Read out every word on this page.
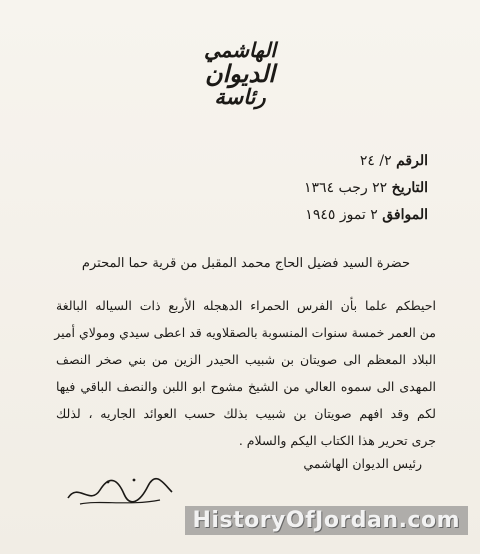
الهاشمي
الديوان
رئاسة
الرقم ٢/ ٢٤
التاريخ ٢٢ رجب ١٣٦٤
الموافق ٢ تموز ١٩٤٥
حضرة السيد فضيل الحاج محمد المقبل من قرية حما المحترم
احيطكم علما بأن الفرس الحمراء الدهجله الأربع ذات السياله البالغة
من العمر خمسة سنوات المنسوبة بالصقلاويه قد اعطى سيدي ومولاي أمير
البلاد المعظم الى صويتان بن شبيب الحيدر الزين من بني صخر النصف
المهدى الى سموه العالي من الشيخ مشوح ابو اللبن والنصف الباقي فيها
لكم وقد افهم صويتان بن شبيب بذلك حسب العوائد الجاريه ، لذلك
جرى تحرير هذا الكتاب اليكم والسلام .
رئيس الديوان الهاشمي
HistoryOfJordan.com
